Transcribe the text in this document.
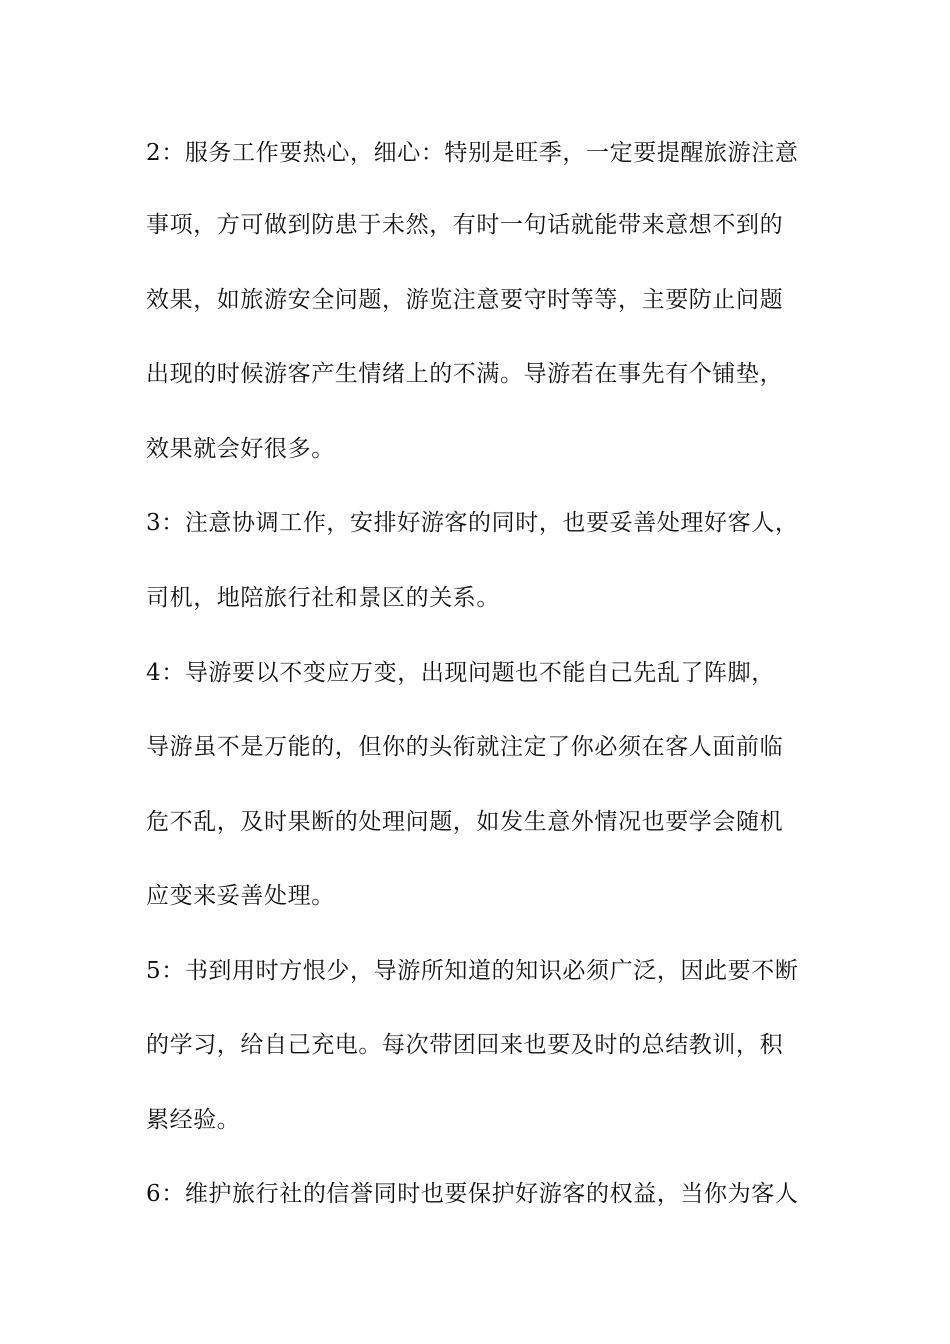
2：服务工作要热心，细心：特别是旺季，一定要提醒旅游注意
事项，方可做到防患于未然，有时一句话就能带来意想不到的
效果，如旅游安全问题，游览注意要守时等等，主要防止问题
出现的时候游客产生情绪上的不满。导游若在事先有个铺垫，
效果就会好很多。
3：注意协调工作，安排好游客的同时，也要妥善处理好客人，
司机，地陪旅行社和景区的关系。
4：导游要以不变应万变，出现问题也不能自己先乱了阵脚，
导游虽不是万能的，但你的头衔就注定了你必须在客人面前临
危不乱，及时果断的处理问题，如发生意外情况也要学会随机
应变来妥善处理。
5：书到用时方恨少，导游所知道的知识必须广泛，因此要不断
的学习，给自己充电。每次带团回来也要及时的总结教训，积
累经验。
6：维护旅行社的信誉同时也要保护好游客的权益，当你为客人
